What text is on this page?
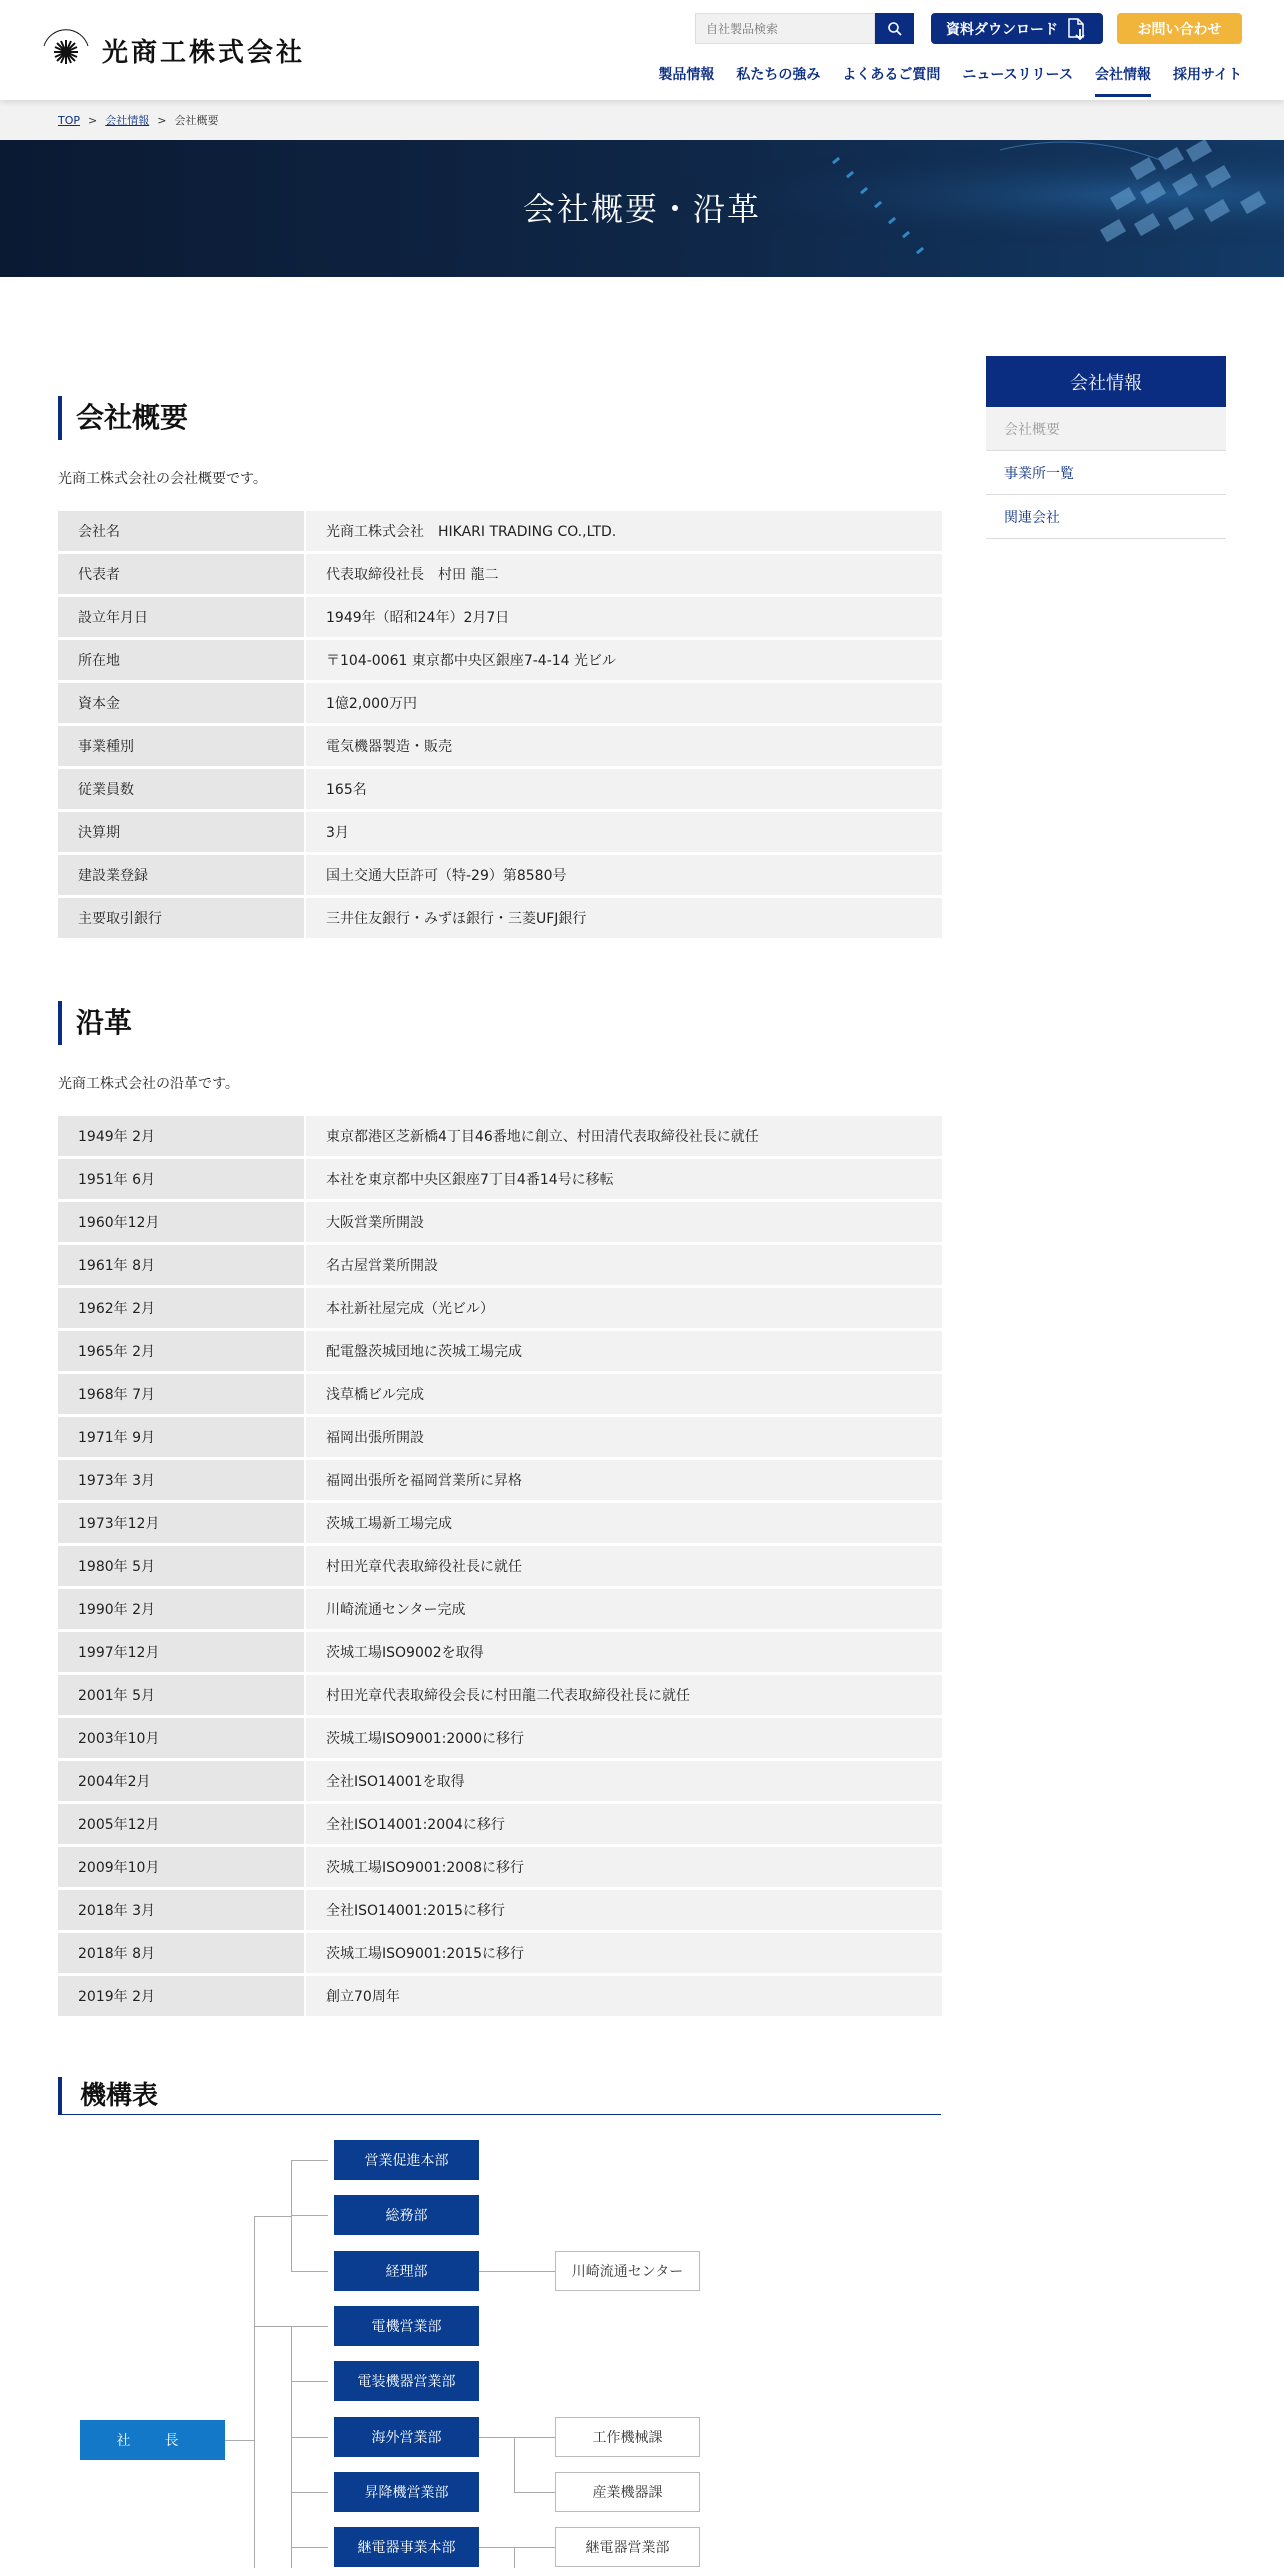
光商工株式会社
自社製品検索
資料ダウンロード	お問い合わせ
製品情報 私たちの強み よくあるご質問 ニュースリリース 会社情報 採用サイト
TOP > 会社情報 > 会社概要
会社概要・沿革
会社概要

光商工株式会社の会社概要です。

会社名	光商工株式会社　HIKARI TRADING CO.,LTD.
代表者	代表取締役社長　村田 龍二
設立年月日	1949年（昭和24年）2月7日
所在地	〒104-0061 東京都中央区銀座7-4-14 光ビル
資本金	1億2,000万円
事業種別	電気機器製造・販売
従業員数	165名
決算期	3月
建設業登録	国土交通大臣許可（特-29）第8580号
主要取引銀行	三井住友銀行・みずほ銀行・三菱UFJ銀行
沿革

光商工株式会社の沿革です。

1949年 2月	東京都港区芝新橋4丁目46番地に創立、村田清代表取締役社長に就任
1951年 6月	本社を東京都中央区銀座7丁目4番14号に移転
1960年12月	大阪営業所開設
1961年 8月	名古屋営業所開設
1962年 2月	本社新社屋完成（光ビル）
1965年 2月	配電盤茨城団地に茨城工場完成
1968年 7月	浅草橋ビル完成
1971年 9月	福岡出張所開設
1973年 3月	福岡出張所を福岡営業所に昇格
1973年12月	茨城工場新工場完成
1980年 5月	村田光章代表取締役社長に就任
1990年 2月	川崎流通センター完成
1997年12月	茨城工場ISO9002を取得
2001年 5月	村田光章代表取締役会長に村田龍二代表取締役社長に就任
2003年10月	茨城工場ISO9001:2000に移行
2004年2月	全社ISO14001を取得
2005年12月	全社ISO14001:2004に移行
2009年10月	茨城工場ISO9001:2008に移行
2018年 3月	全社ISO14001:2015に移行
2018年 8月	茨城工場ISO9001:2015に移行
2019年 2月	創立70周年
機構表
会社情報
会社概要
事業所一覧
関連会社
社　長
営業促進本部
総務部
経理部
電機営業部
電装機器営業部
海外営業部
昇降機営業部
継電器事業本部
川崎流通センター
工作機械課
産業機器課
継電器営業部
